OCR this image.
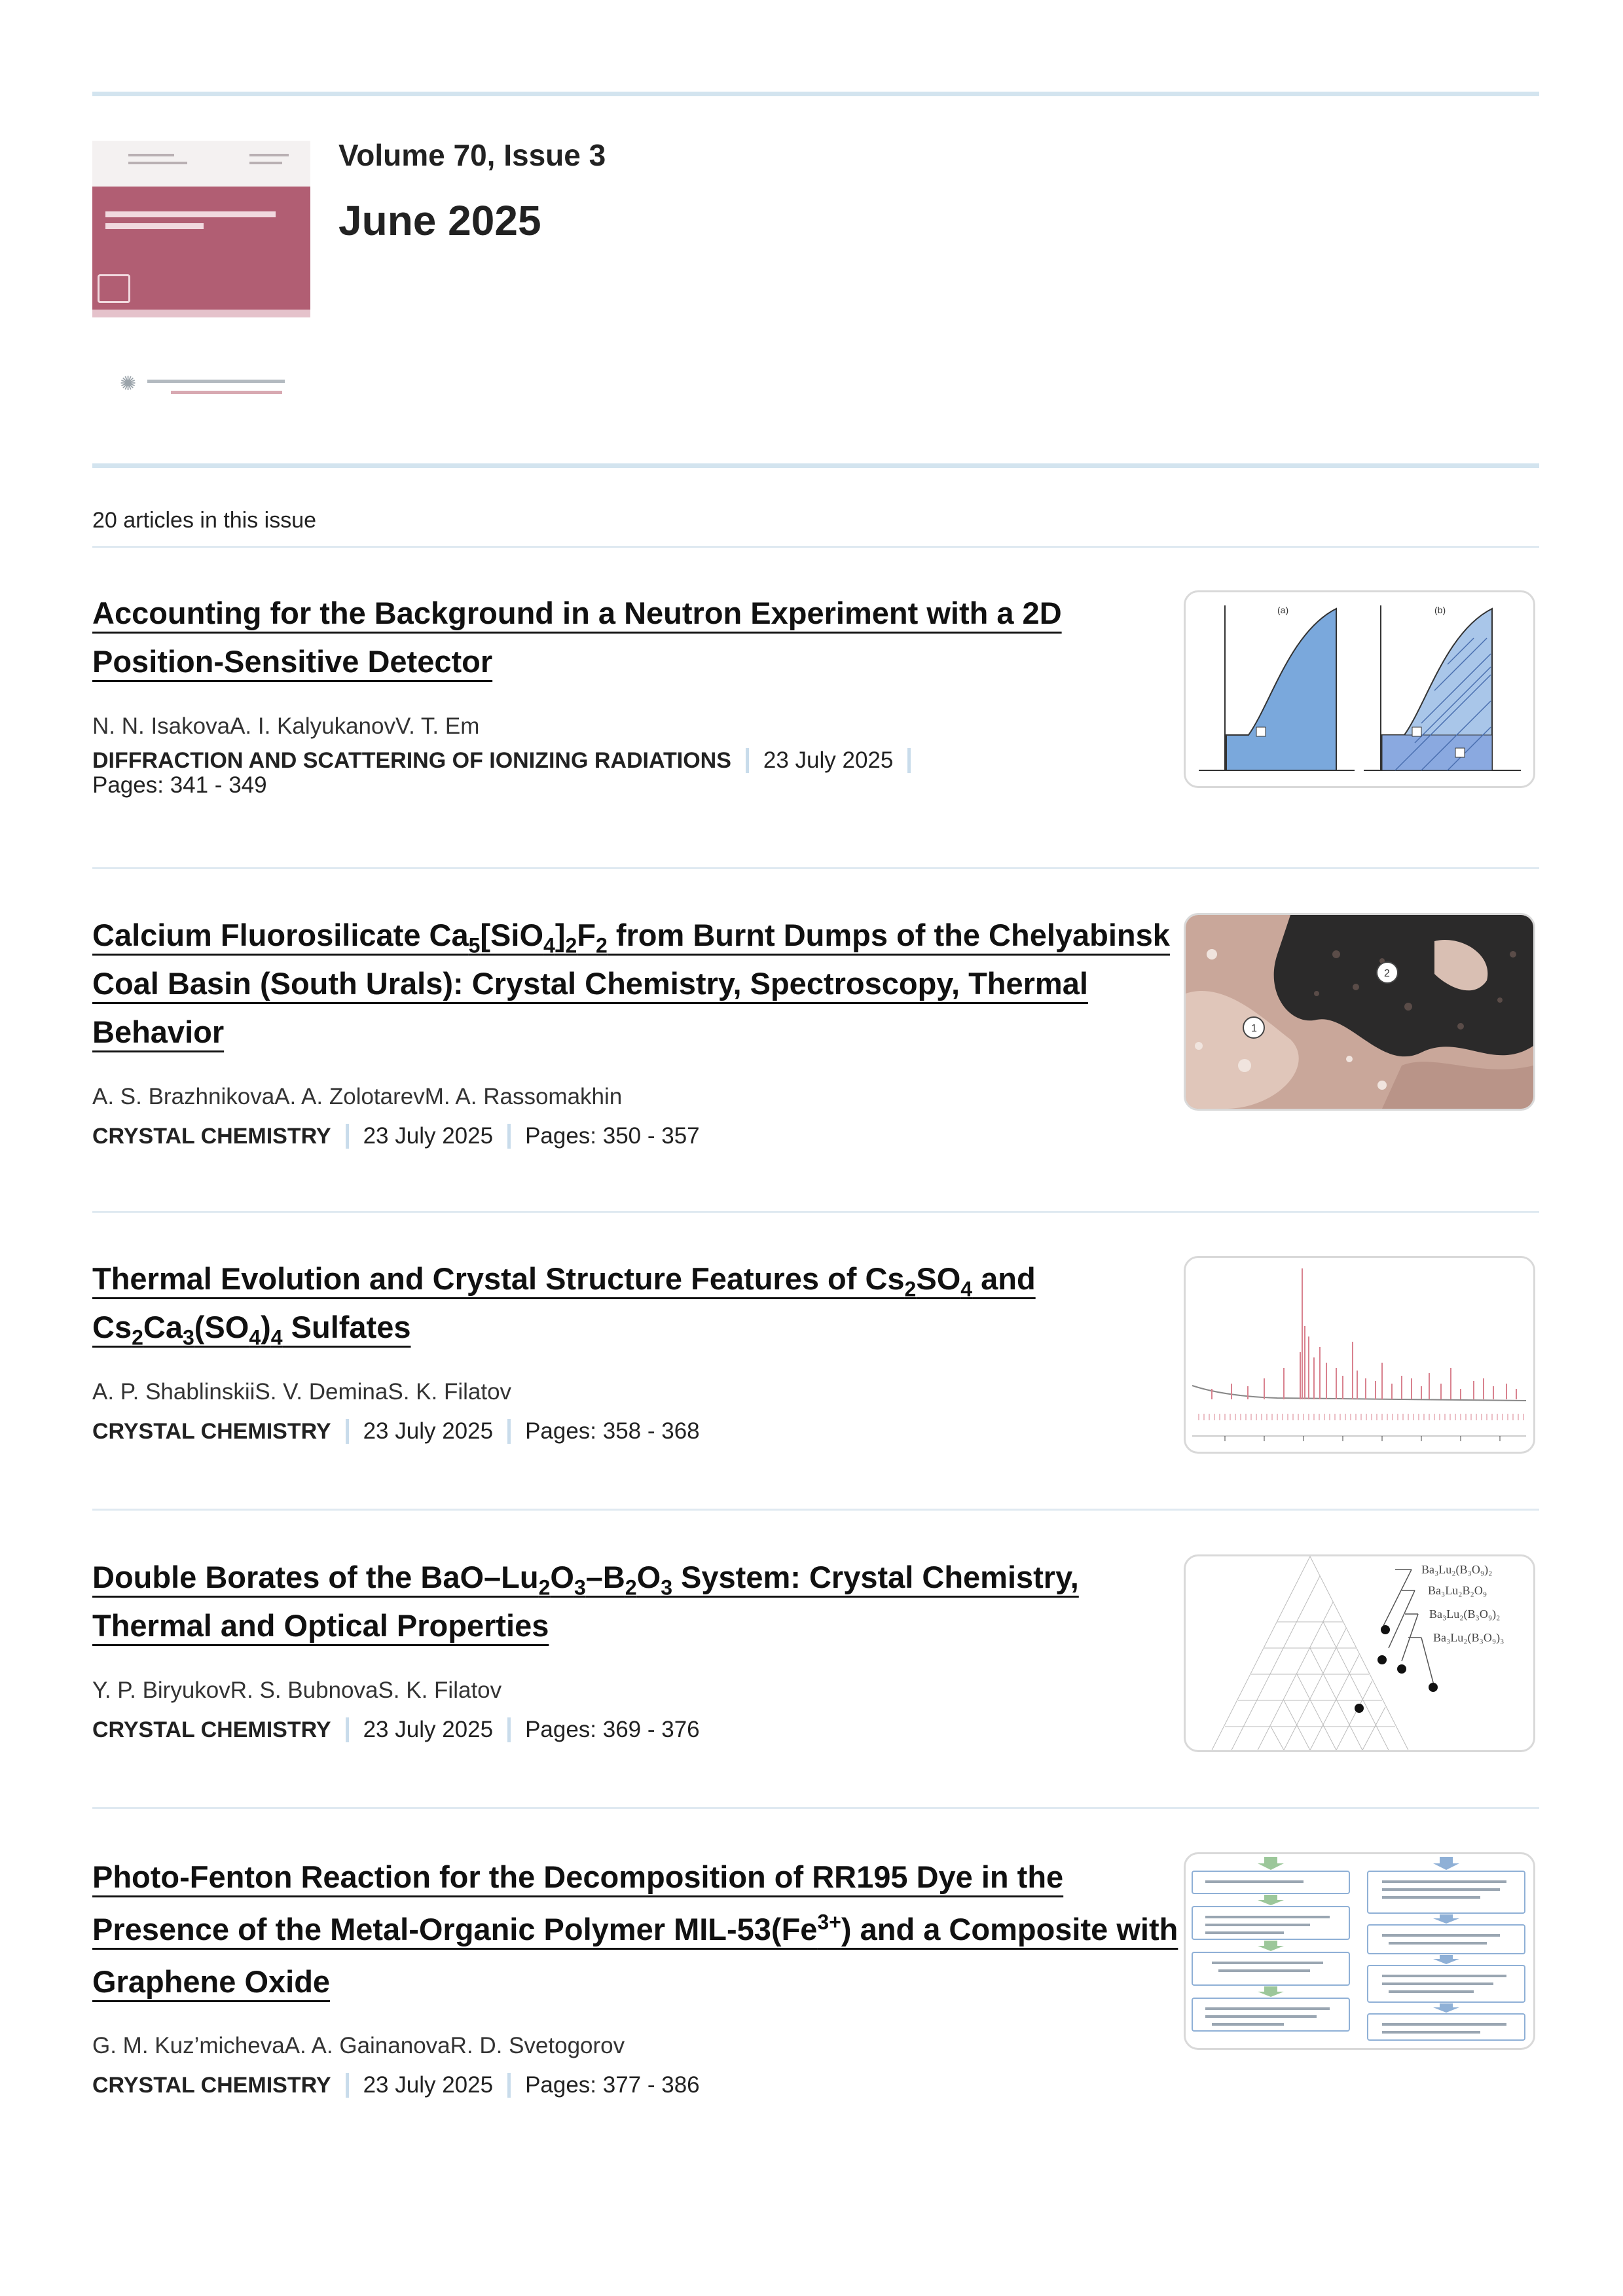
✺
Volume 70, Issue 3
June 2025
20 articles in this issue
Accounting for the Background in a Neutron Experiment with a 2D Position-Sensitive Detector
N. N. IsakovaA. I. KalyukanovV. T. Em
DIFFRACTION AND SCATTERING OF IONIZING RADIATIONS 23 July 2025
Pages: 341 - 349
(a)	(b)
Calcium Fluorosilicate $Ca_5[SiO_4]_2F_2$ from Burnt Dumps of the Chelyabinsk Coal Basin (South Urals): Crystal Chemistry, Spectroscopy, Thermal Behavior
A. S. BrazhnikovaA. A. ZolotarevM. A. Rassomakhin
CRYSTAL CHEMISTRY 23 July 2025 Pages: 350 - 357
2
1
Thermal Evolution and Crystal Structure Features of $Cs_2SO_4$ and $Cs_2Ca_3(SO_4)_4$ Sulfates
A. P. ShablinskiiS. V. DeminaS. K. Filatov
CRYSTAL CHEMISTRY 23 July 2025 Pages: 358 - 368
Double Borates of the BaO–$Lu_2O_3-B_2O_3$ System: Crystal Chemistry, Thermal and Optical Properties
Y. P. BiryukovR. S. BubnovaS. K. Filatov
CRYSTAL CHEMISTRY 23 July 2025 Pages: 369 - 376
Ba₃Lu₂(B₃O₉)₂
Ba₃Lu₂B₂O₉
Ba₃Lu₂(B₃O₉)₂
Ba₃Lu₂(B₃O₉)₃
Photo-Fenton Reaction for the Decomposition of RR195 Dye in the Presence of the Metal-Organic Polymer MIL-$53(Fe^{3+})$ and a Composite with Graphene Oxide
G. M. Kuz’michevaA. A. GainanovaR. D. Svetogorov
CRYSTAL CHEMISTRY 23 July 2025 Pages: 377 - 386
